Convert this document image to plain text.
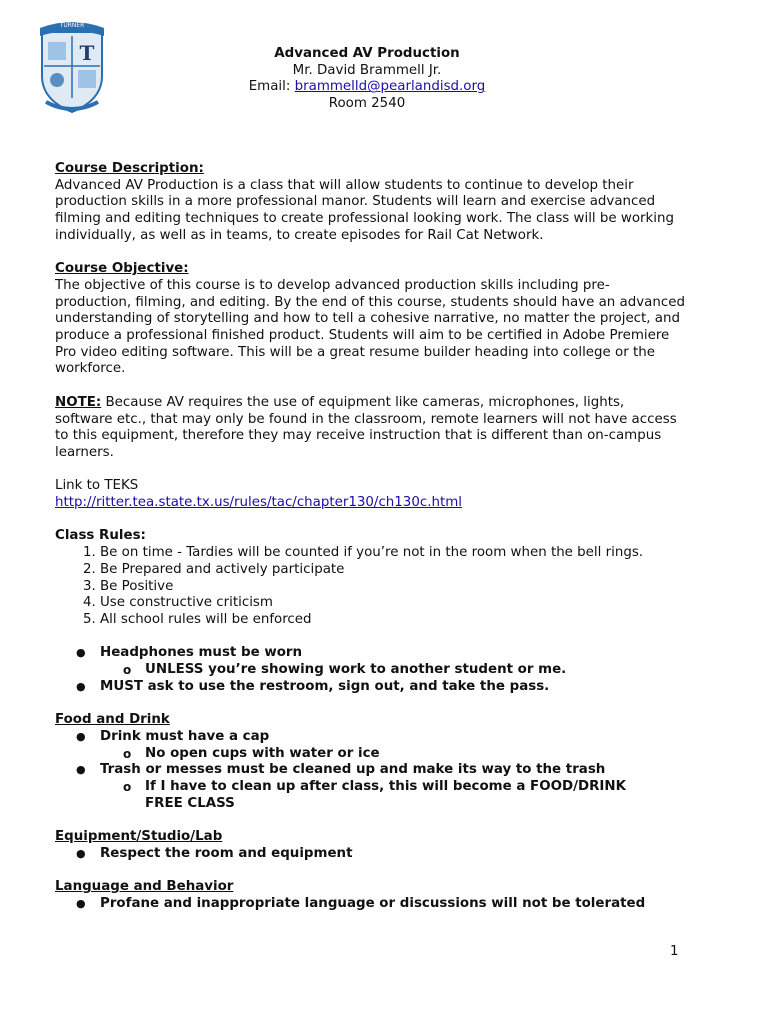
T
TURNER
Advanced AV Production
Mr. David Brammell Jr.
Email: brammelld@pearlandisd.org
Room 2540
Course Description:

Advanced AV Production is a class that will allow students to continue to develop their production skills in a more professional manor. Students will learn and exercise advanced filming and editing techniques to create professional looking work. The class will be working individually, as well as in teams, to create episodes for Rail Cat Network.

Course Objective:

The objective of this course is to develop advanced production skills including pre-production, filming, and editing. By the end of this course, students should have an advanced understanding of storytelling and how to tell a cohesive narrative, no matter the project, and produce a professional finished product. Students will aim to be certified in Adobe Premiere Pro video editing software. This will be a great resume builder heading into college or the workforce.

NOTE: Because AV requires the use of equipment like cameras, microphones, lights, software etc., that may only be found in the classroom, remote learners will not have access to this equipment, therefore they may receive instruction that is different than on-campus learners.

Link to TEKS
http://ritter.tea.state.tx.us/rules/tac/chapter130/ch130c.html
Class Rules:
1. Be on time - Tardies will be counted if you’re not in the room when the bell rings.
2. Be Prepared and actively participate
3. Be Positive
4. Use constructive criticism
5. All school rules will be enforced
● Headphones must be worn
o UNLESS you’re showing work to another student or me.
● MUST ask to use the restroom, sign out, and take the pass.
Food and Drink
● Drink must have a cap
o No open cups with water or ice
● Trash or messes must be cleaned up and make its way to the trash
o If I have to clean up after class, this will become a FOOD/DRINK FREE CLASS
Equipment/Studio/Lab
● Respect the room and equipment
Language and Behavior
● Profane and inappropriate language or discussions will not be tolerated
1
